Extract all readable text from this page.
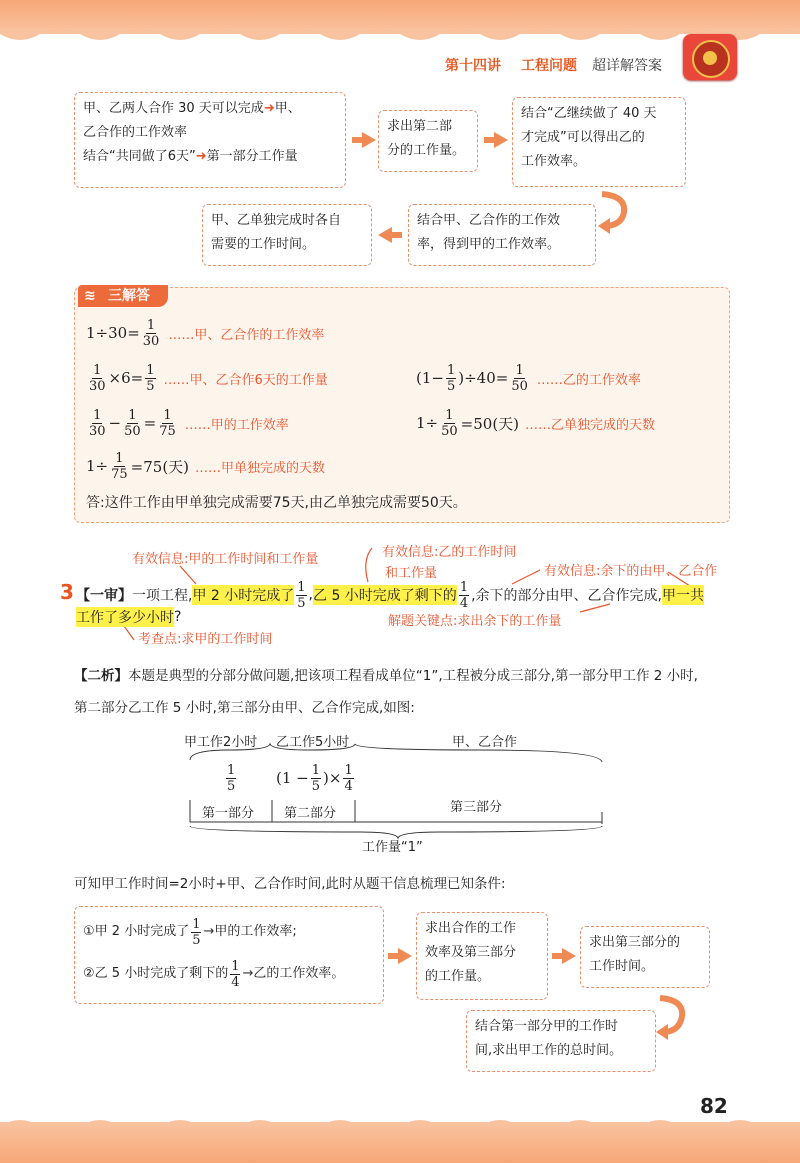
第十四讲 工程问题 超详解答案
甲、乙两人合作 30 天可以完成➜甲、
乙合作的工作效率
结合“共同做了6天”➜第一部分工作量
求出第二部
分的工作量。
结合“乙继续做了 40 天
才完成”可以得出乙的
工作效率。
结合甲、乙合作的工作效
率，得到甲的工作效率。
甲、乙单独完成时各自
需要的工作时间。
≋ 三解答
$1\div 30= \frac{1}{30}$ ……甲、乙合作的工作效率
$\frac{1}{30} \times 6= \frac{1}{5}$ ……甲、乙合作6天的工作量	$(1- \frac{1}{5} )\div 40= \frac{1}{50}$ ……乙的工作效率
$\frac{1}{30} - \frac{1}{50} = \frac{1}{75}$ ……甲的工作效率	$1\div \frac{1}{50} =50$(天) ……乙单独完成的天数
$1\div \frac{1}{75} =75$(天) ……甲单独完成的天数
答:这件工作由甲单独完成需要75天,由乙单独完成需要50天。
有效信息:甲的工作时间和工作量	有效信息:乙的工作时间
和工作量	有效信息:余下的由甲、乙合作
3 【一审】 一项工程, 甲 2 小时完成了 $\frac{1}{5}$ , 乙 5 小时完成了剩下的 $\frac{1}{4}$ ,余下的部分由甲、乙合作完成, 甲一共
工作了多少小时 ?	解题关键点:求出余下的工作量
考查点:求甲的工作时间
【二析】本题是典型的分部分做问题,把该项工程看成单位“1”,工程被分成三部分,第一部分甲工作 2 小时,
第二部分乙工作 5 小时,第三部分由甲、乙合作完成,如图:
甲工作2小时 乙工作5小时	甲、乙合作
$\frac{1}{5}$	($1 - \frac{1}{5}$ )× $\frac{1}{4}$
第一部分 第二部分	第三部分
工作量“1”
可知甲工作时间=2小时+甲、乙合作时间,此时从题干信息梳理已知条件:
①甲 2 小时完成了 $\frac{1}{5}$ → 甲的工作效率;
②乙 5 小时完成了剩下的 $\frac{1}{4}$ → 乙的工作效率。
求出合作的工作
效率及第三部分
的工作量。
求出第三部分的
工作时间。
结合第一部分甲的工作时
间,求出甲工作的总时间。
82
